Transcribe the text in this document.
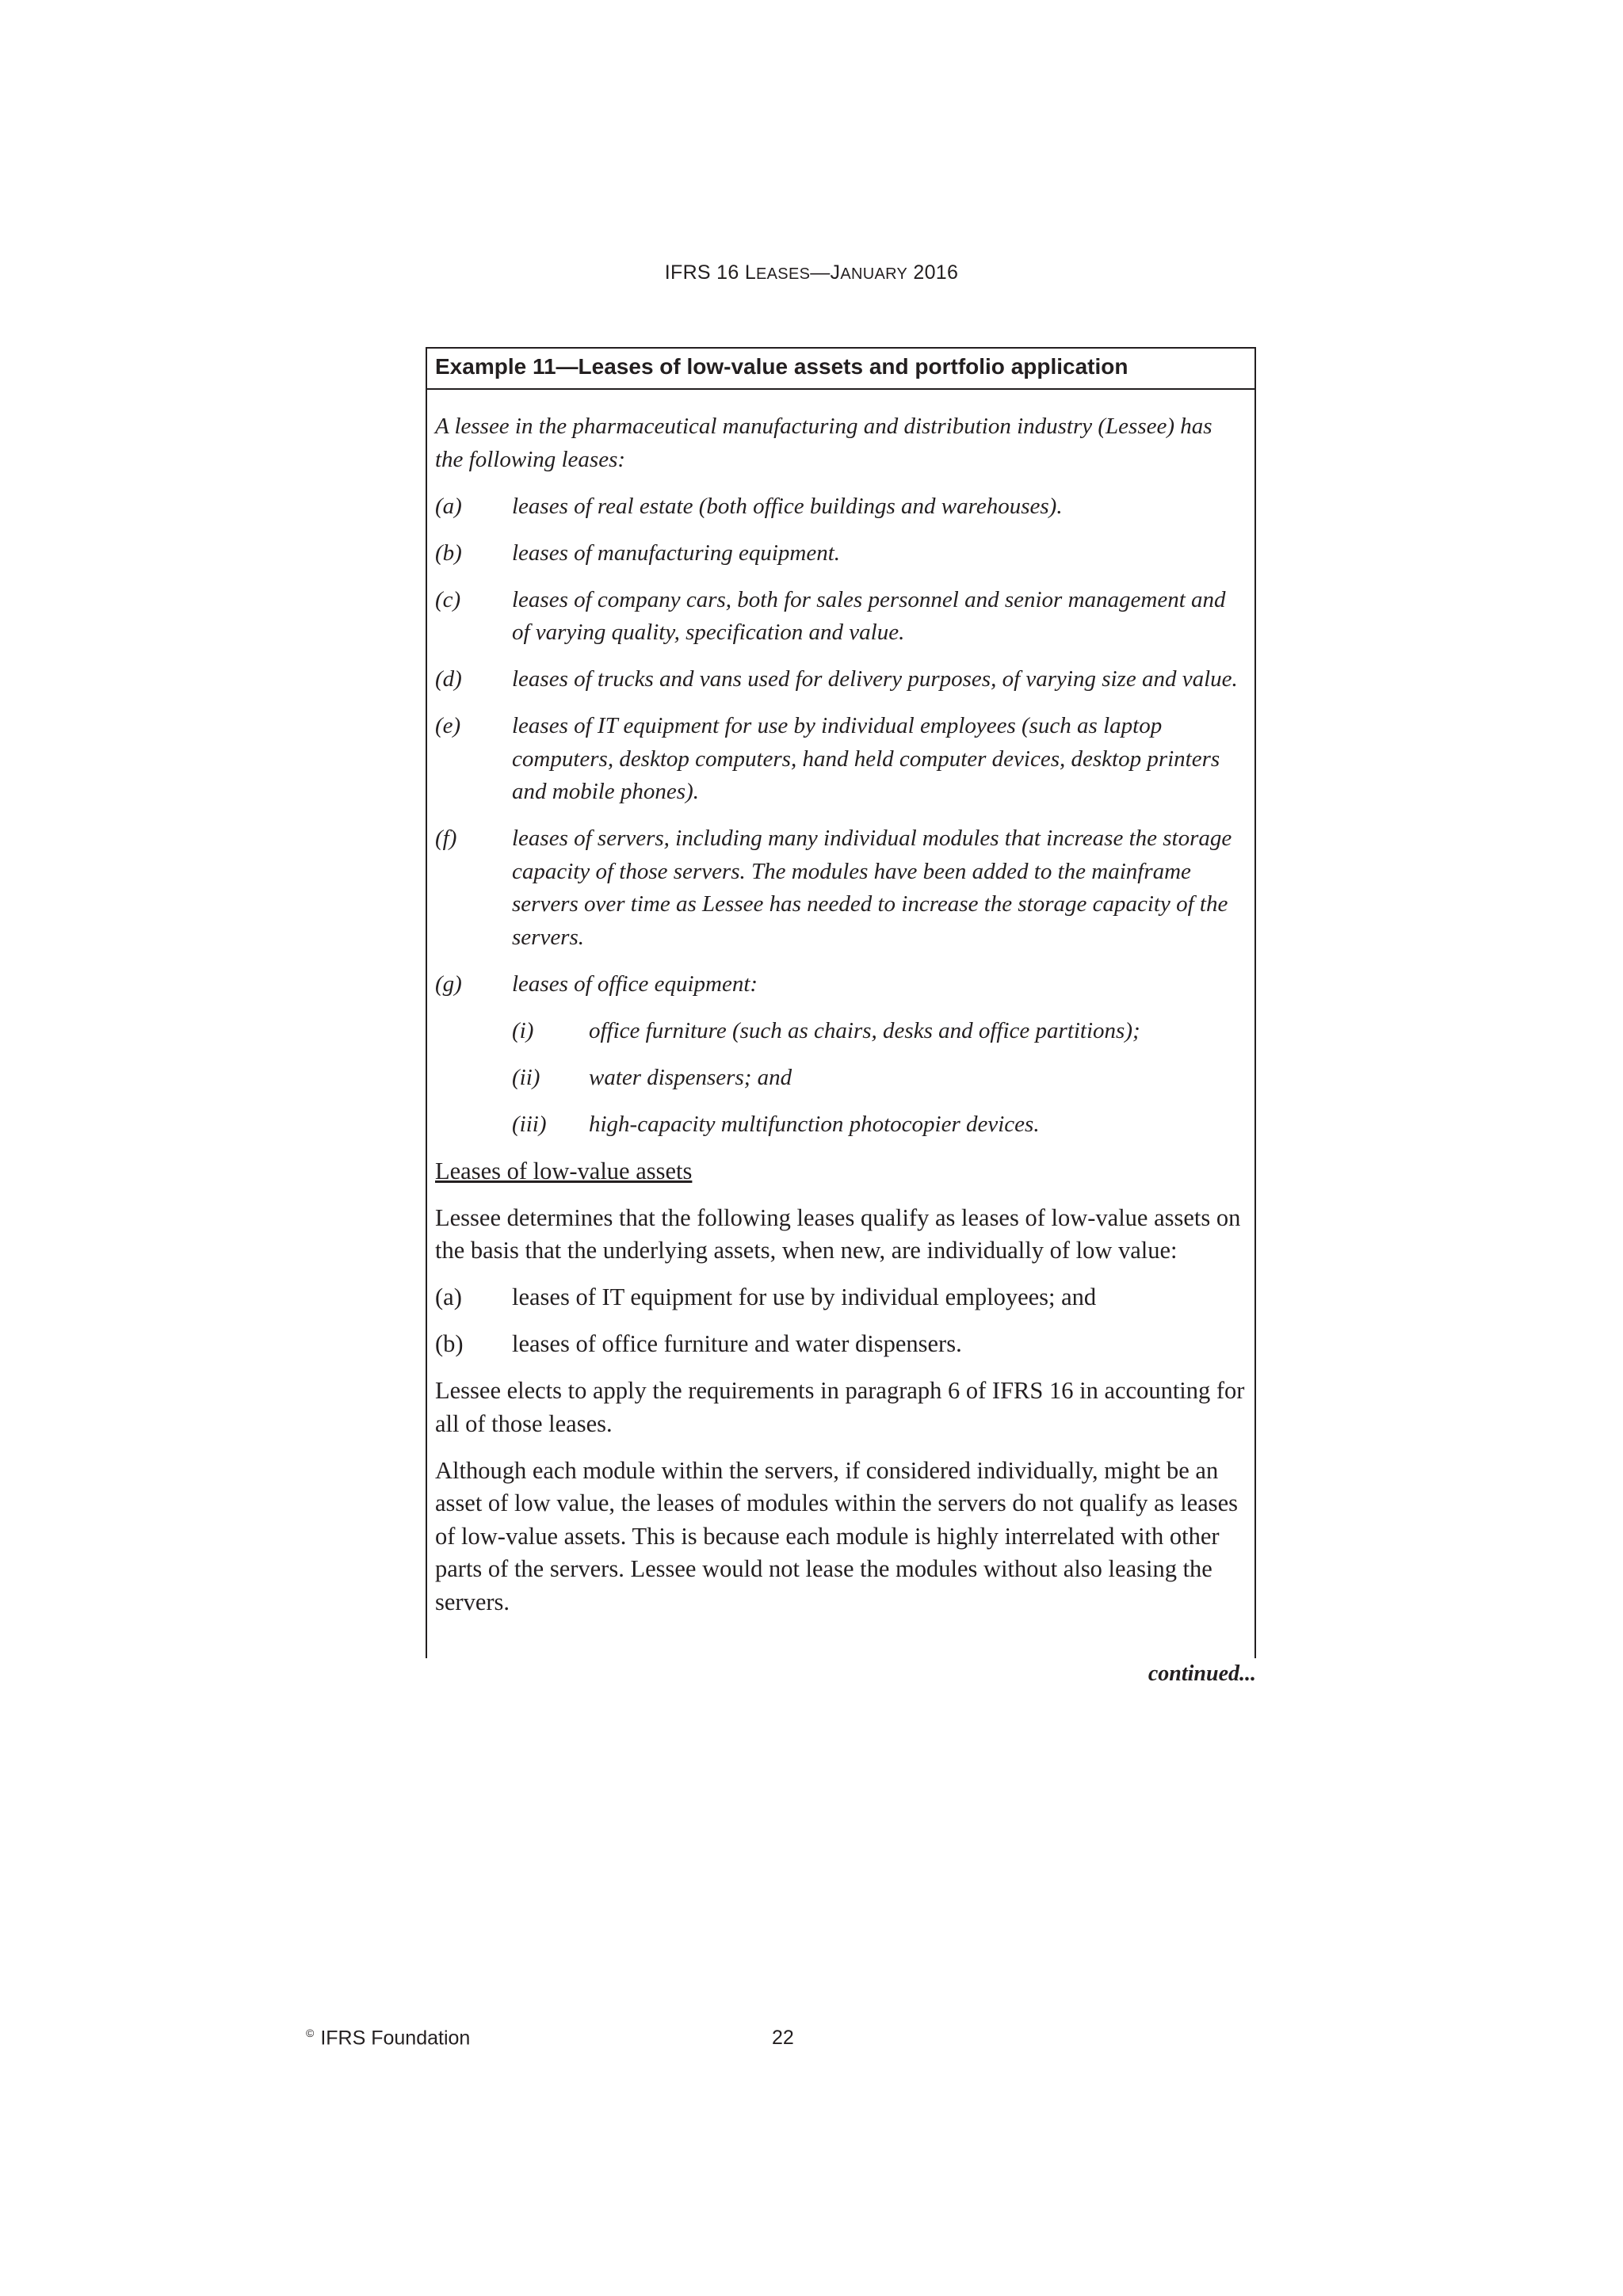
IFRS 16 LEASES—JANUARY 2016
Example 11—Leases of low-value assets and portfolio application

A lessee in the pharmaceutical manufacturing and distribution industry (Lessee) has the following leases:

(a)	leases of real estate (both office buildings and warehouses).
(b)	leases of manufacturing equipment.
(c)	leases of company cars, both for sales personnel and senior management and of varying quality, specification and value.
(d)	leases of trucks and vans used for delivery purposes, of varying size and value.
(e)	leases of IT equipment for use by individual employees (such as laptop computers, desktop computers, hand held computer devices, desktop printers and mobile phones).
(f)	leases of servers, including many individual modules that increase the storage capacity of those servers. The modules have been added to the mainframe servers over time as Lessee has needed to increase the storage capacity of the servers.
(g)	leases of office equipment:
(i)	office furniture (such as chairs, desks and office partitions);
(ii)	water dispensers; and
(iii)	high-capacity multifunction photocopier devices.

Leases of low-value assets

Lessee determines that the following leases qualify as leases of low-value assets on the basis that the underlying assets, when new, are individually of low value:

(a)	leases of IT equipment for use by individual employees; and
(b)	leases of office furniture and water dispensers.

Lessee elects to apply the requirements in paragraph 6 of IFRS 16 in accounting for all of those leases.

Although each module within the servers, if considered individually, might be an asset of low value, the leases of modules within the servers do not qualify as leases of low-value assets. This is because each module is highly interrelated with other parts of the servers. Lessee would not lease the modules without also leasing the servers.

continued...
© IFRS Foundation	22
